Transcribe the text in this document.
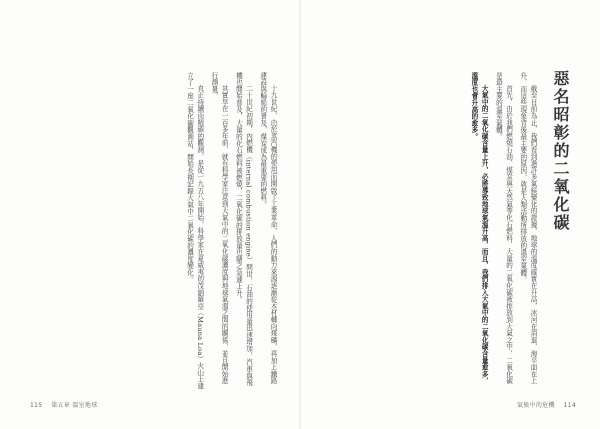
十九世紀，由於蒸汽機的使用而開啟了工業革命，人們的動力來源逐漸從木材轉向煤礦，再加上鐵路建設與輪船的普及，煤炭成為最重要的燃料。

二十世紀初期，內燃機（internal combustion engine）問世，石油的使用量迅速增加，汽車與飛機也開始普及，大量的化石燃料被燃燒，二氧化碳的排放量也隨之急遽上升。

其實早在一百多年前，就有科學家注意到大氣中的二氧化碳濃度與地球氣溫之間的關係，並且開始進行測量。

真正持續而精確的觀測，是從一九五八年開始，科學家在夏威夷的茂納羅亞（Mauna Loa）火山上建立了一座二氧化碳觀測站，開始長期記錄大氣中二氧化碳的濃度變化。

115 第五章 溫室地球
惡名昭彰的二氧化碳

截至目前為止，我們看到過許多氣候變化的證據，地球的溫度確實在升高，冰河在消退，海平面在上升，而這些現象背後最主要的原因，就是人類活動所排放的溫室氣體。

首先，由於我們燃燒石油、煤炭與天然氣等化石燃料，大量的二氧化碳被排放到大氣之中，二氧化碳是最主要的溫室氣體。

大氣中的二氧化碳含量上升，必將導致地球氣溫升高，而且，我們排入大氣中的二氧化碳含量愈多，溫度也會升高的愈多。

氣候中的危機 114
